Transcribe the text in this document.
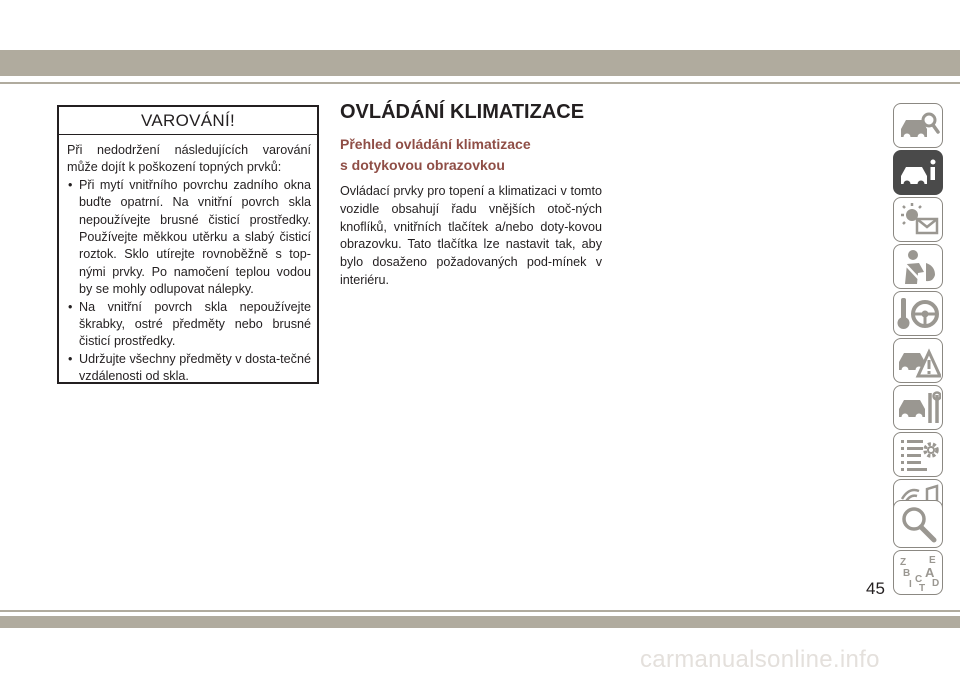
VAROVÁNÍ!

Při nedodržení následujících varování může dojít k poškození topných prvků:

• Při mytí vnitřního povrchu zadního okna buďte opatrní. Na vnitřní povrch skla nepoužívejte brusné čisticí prostředky. Používejte měkkou utěrku a slabý čisticí roztok. Sklo utírejte rovnoběžně s top-nými prvky. Po namočení teplou vodou by se mohly odlupovat nálepky.
• Na vnitřní povrch skla nepoužívejte škrabky, ostré předměty nebo brusné čisticí prostředky.
• Udržujte všechny předměty v dosta-tečné vzdálenosti od skla.
OVLÁDÁNÍ KLIMATIZACE
Přehled ovládání klimatizace
s dotykovou obrazovkou

Ovládací prvky pro topení a klimatizaci v tomto vozidle obsahují řadu vnějších otoč-ných knoflíků, vnitřních tlačítek a/nebo doty-kovou obrazovku. Tato tlačítka lze nastavit tak, aby bylo dosaženo požadovaných pod-mínek v interiéru.

Z E
B A
I C
T D
45
carmanualsonline.info
